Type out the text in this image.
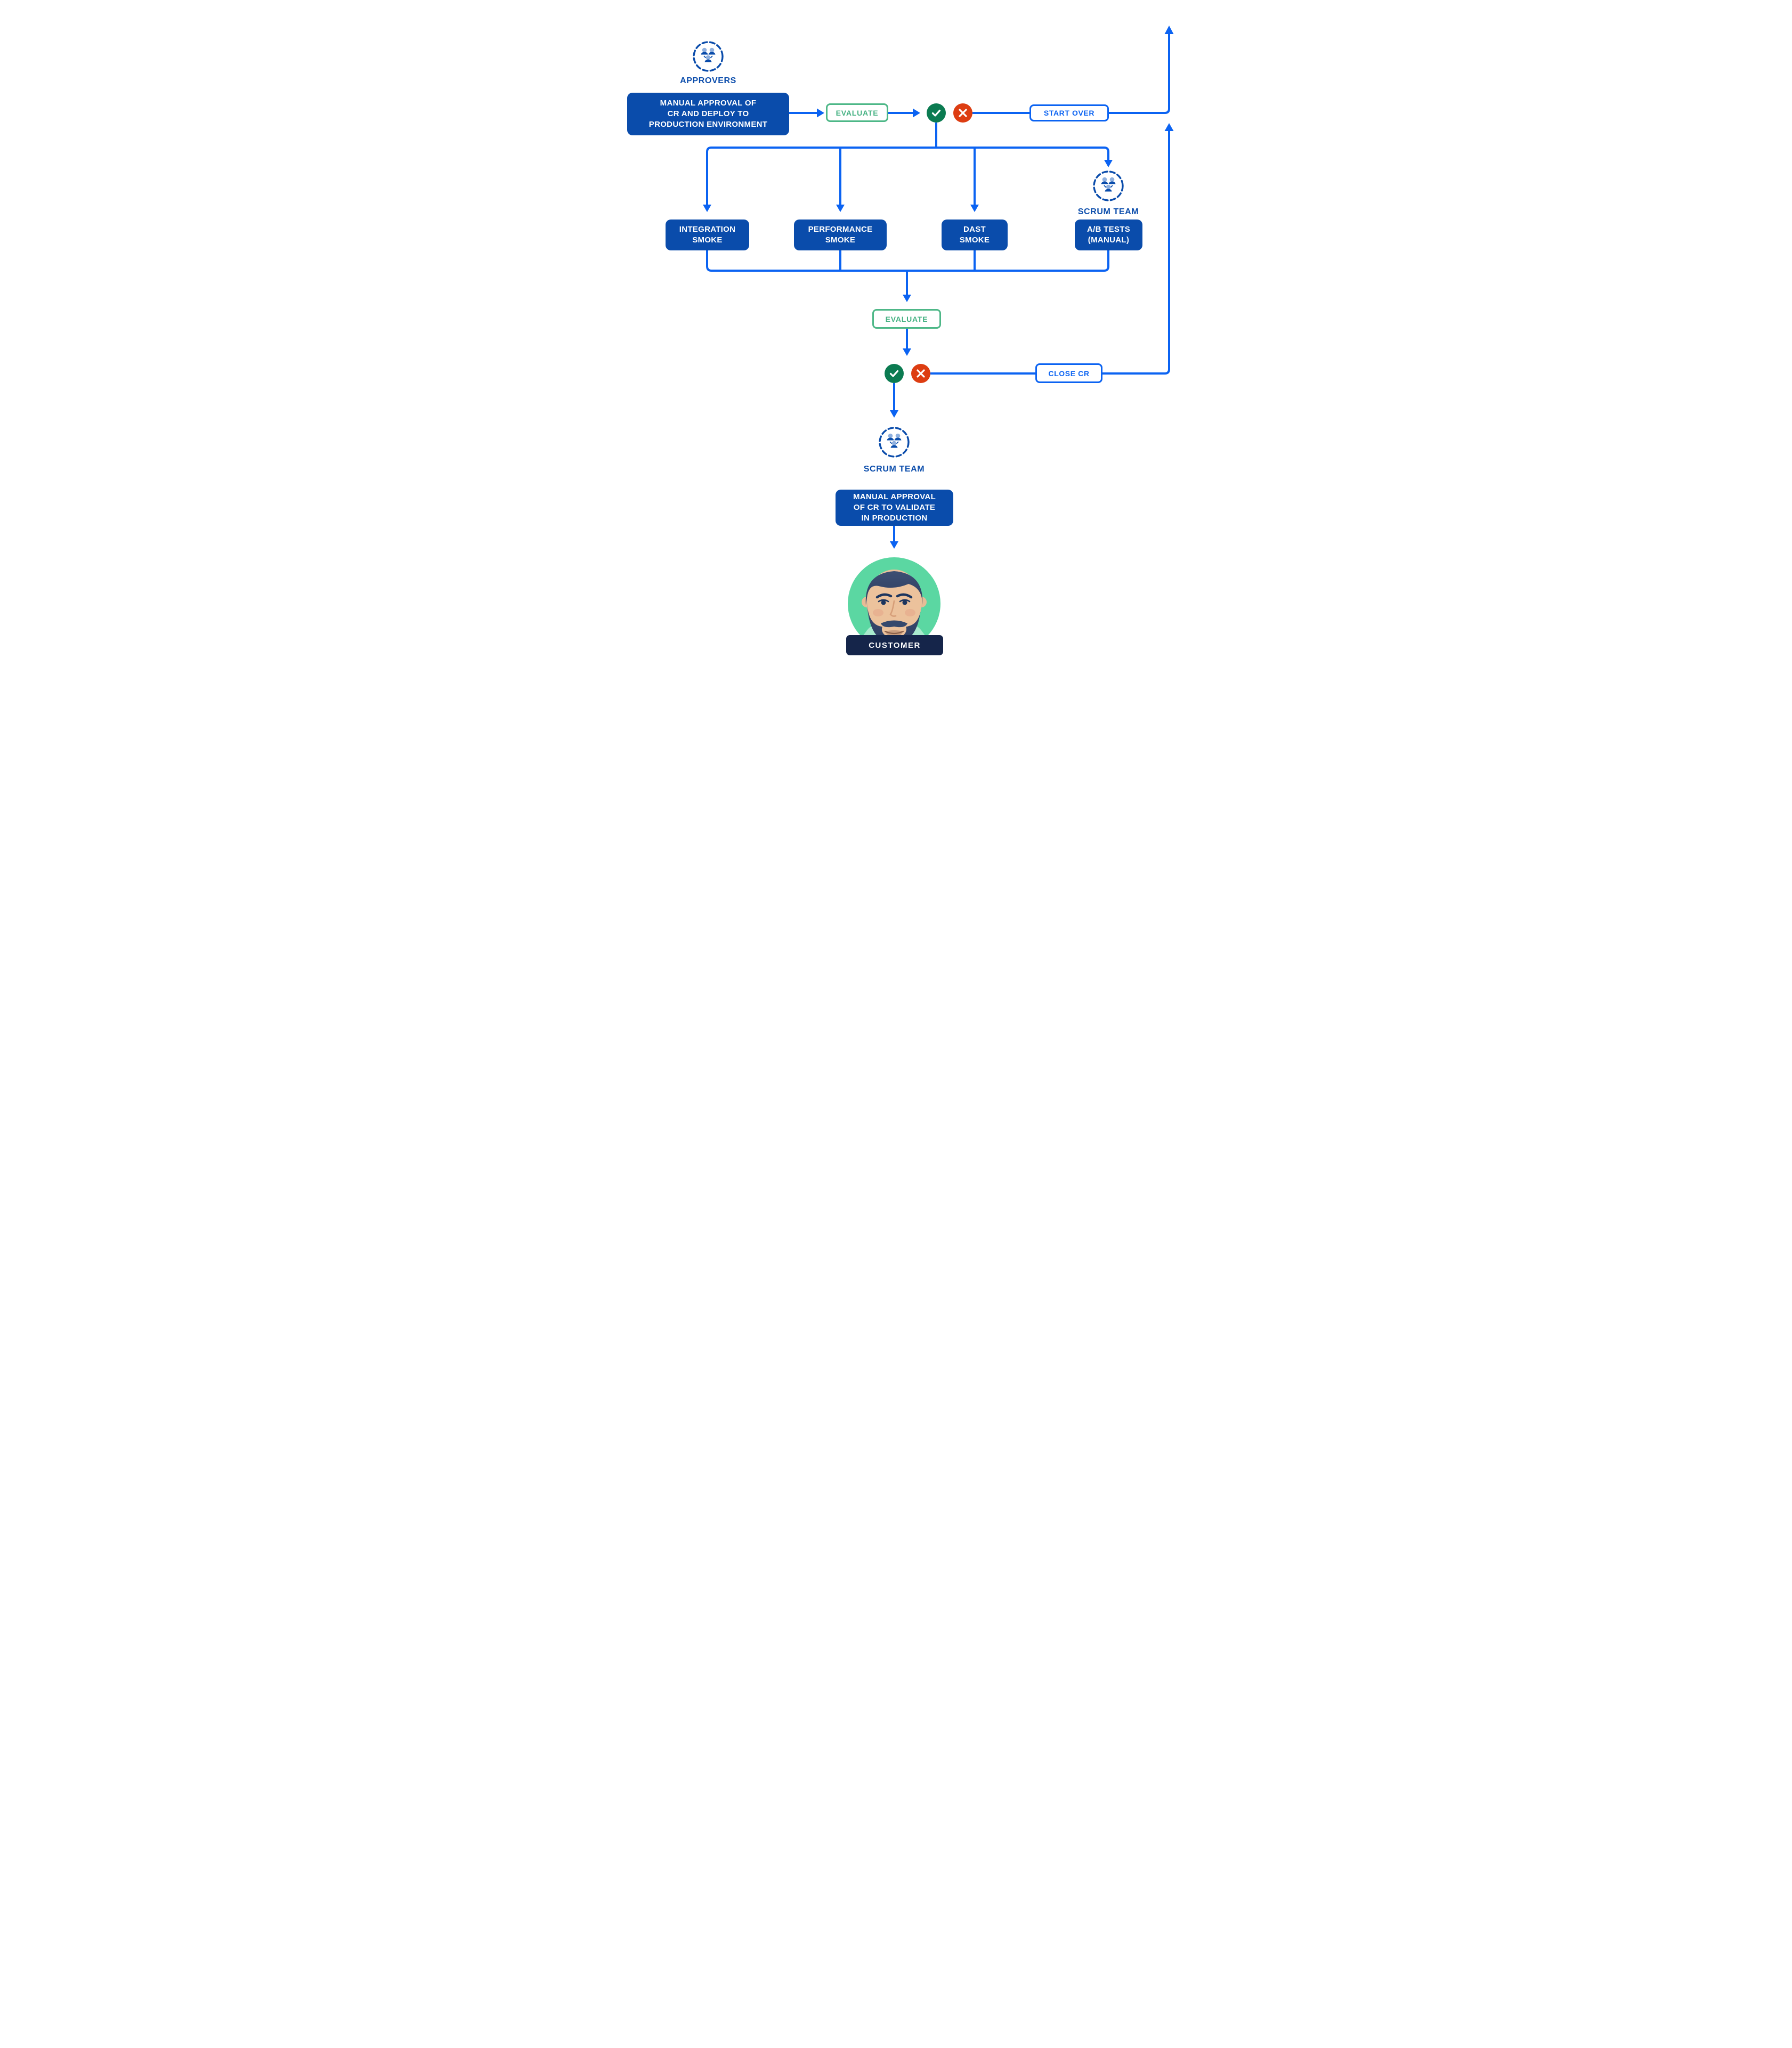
APPROVERS
MANUAL APPROVAL OF
CR AND DEPLOY TO
PRODUCTION ENVIRONMENT
EVALUATE	START OVER
SCRUM TEAM
INTEGRATION
SMOKE
PERFORMANCE
SMOKE
DAST
SMOKE
A/B TESTS
(MANUAL)
EVALUATE
CLOSE CR
SCRUM TEAM
MANUAL APPROVAL
OF CR TO VALIDATE
IN PRODUCTION
CUSTOMER
